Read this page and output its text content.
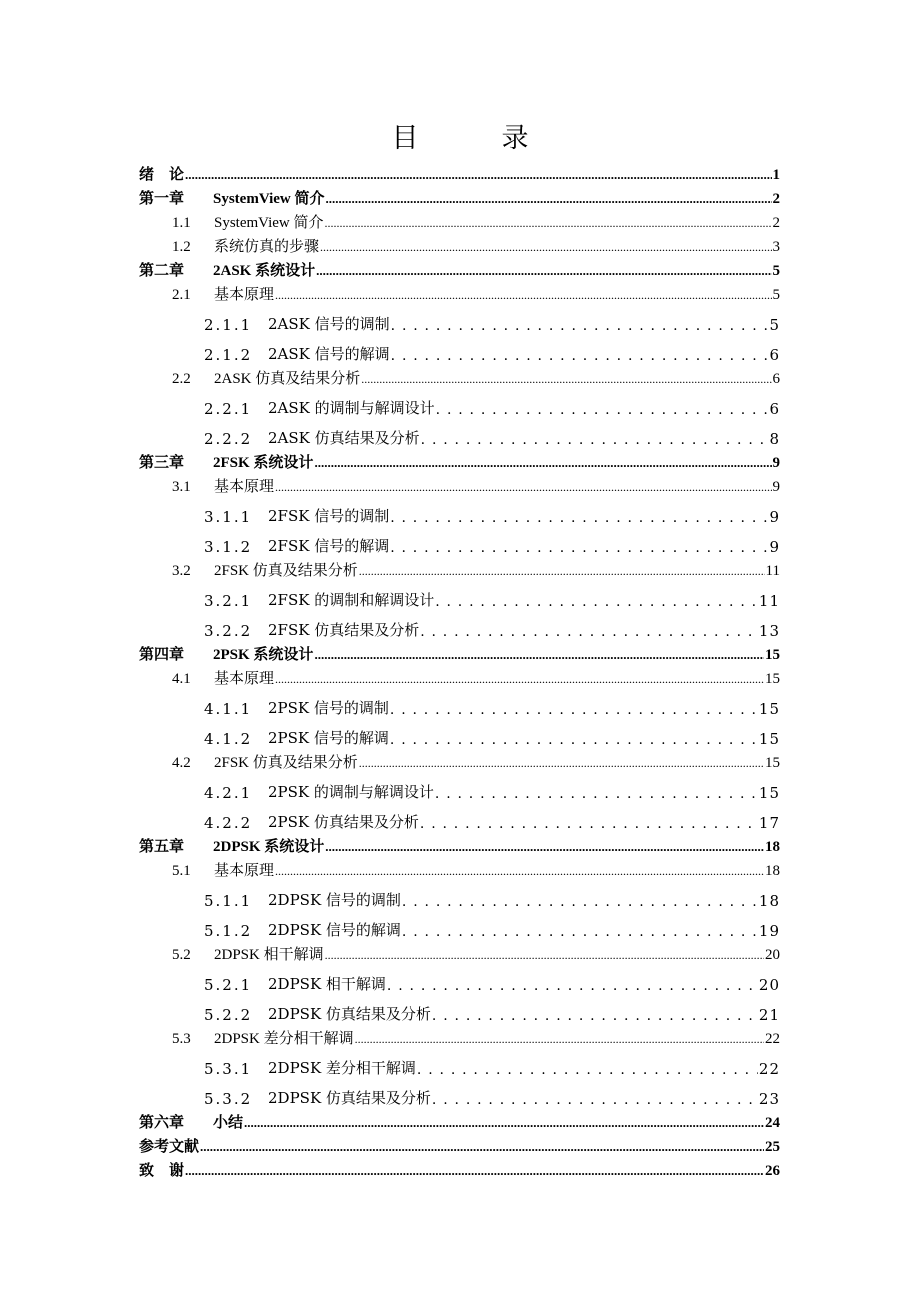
目　录
绪　论 .....	1
第一章	SystemView 简介 .....	2
1.1	SystemView 简介 .....	2
1.2	系统仿真的步骤 .....	3
第二章	2ASK 系统设计 .....	5
2.1	基本原理 .....	5
2.1.1	2ASK 信号的调制 . . .	5
2.1.2	2ASK 信号的解调 . . .	6
2.2	2ASK 仿真及结果分析 .....	6
2.2.1	2ASK 的调制与解调设计 . . .	6
2.2.2	2ASK 仿真结果及分析 . . .	8
第三章	2FSK 系统设计 .....	9
3.1	基本原理 .....	9
3.1.1	2FSK 信号的调制 . . .	9
3.1.2	2FSK 信号的解调 . . .	9
3.2	2FSK 仿真及结果分析 .....	11
3.2.1	2FSK 的调制和解调设计 . . .	11
3.2.2	2FSK 仿真结果及分析 . . .	13
第四章	2PSK 系统设计 .....	15
4.1	基本原理 .....	15
4.1.1	2PSK 信号的调制 . . .	15
4.1.2	2PSK 信号的解调 . . .	15
4.2	2FSK 仿真及结果分析 .....	15
4.2.1	2PSK 的调制与解调设计 . . .	15
4.2.2	2PSK 仿真结果及分析 . . .	17
第五章	2DPSK 系统设计 .....	18
5.1	基本原理 .....	18
5.1.1	2DPSK 信号的调制 . . .	18
5.1.2	2DPSK 信号的解调 . . .	19
5.2	2DPSK 相干解调 .....	20
5.2.1	2DPSK 相干解调 . . .	20
5.2.2	2DPSK 仿真结果及分析 . . .	21
5.3	2DPSK 差分相干解调 .....	22
5.3.1	2DPSK 差分相干解调 . . .	22
5.3.2	2DPSK 仿真结果及分析 . . .	23
第六章	小结 .....	24
参考文献 .....	25
致　谢 .....	26
